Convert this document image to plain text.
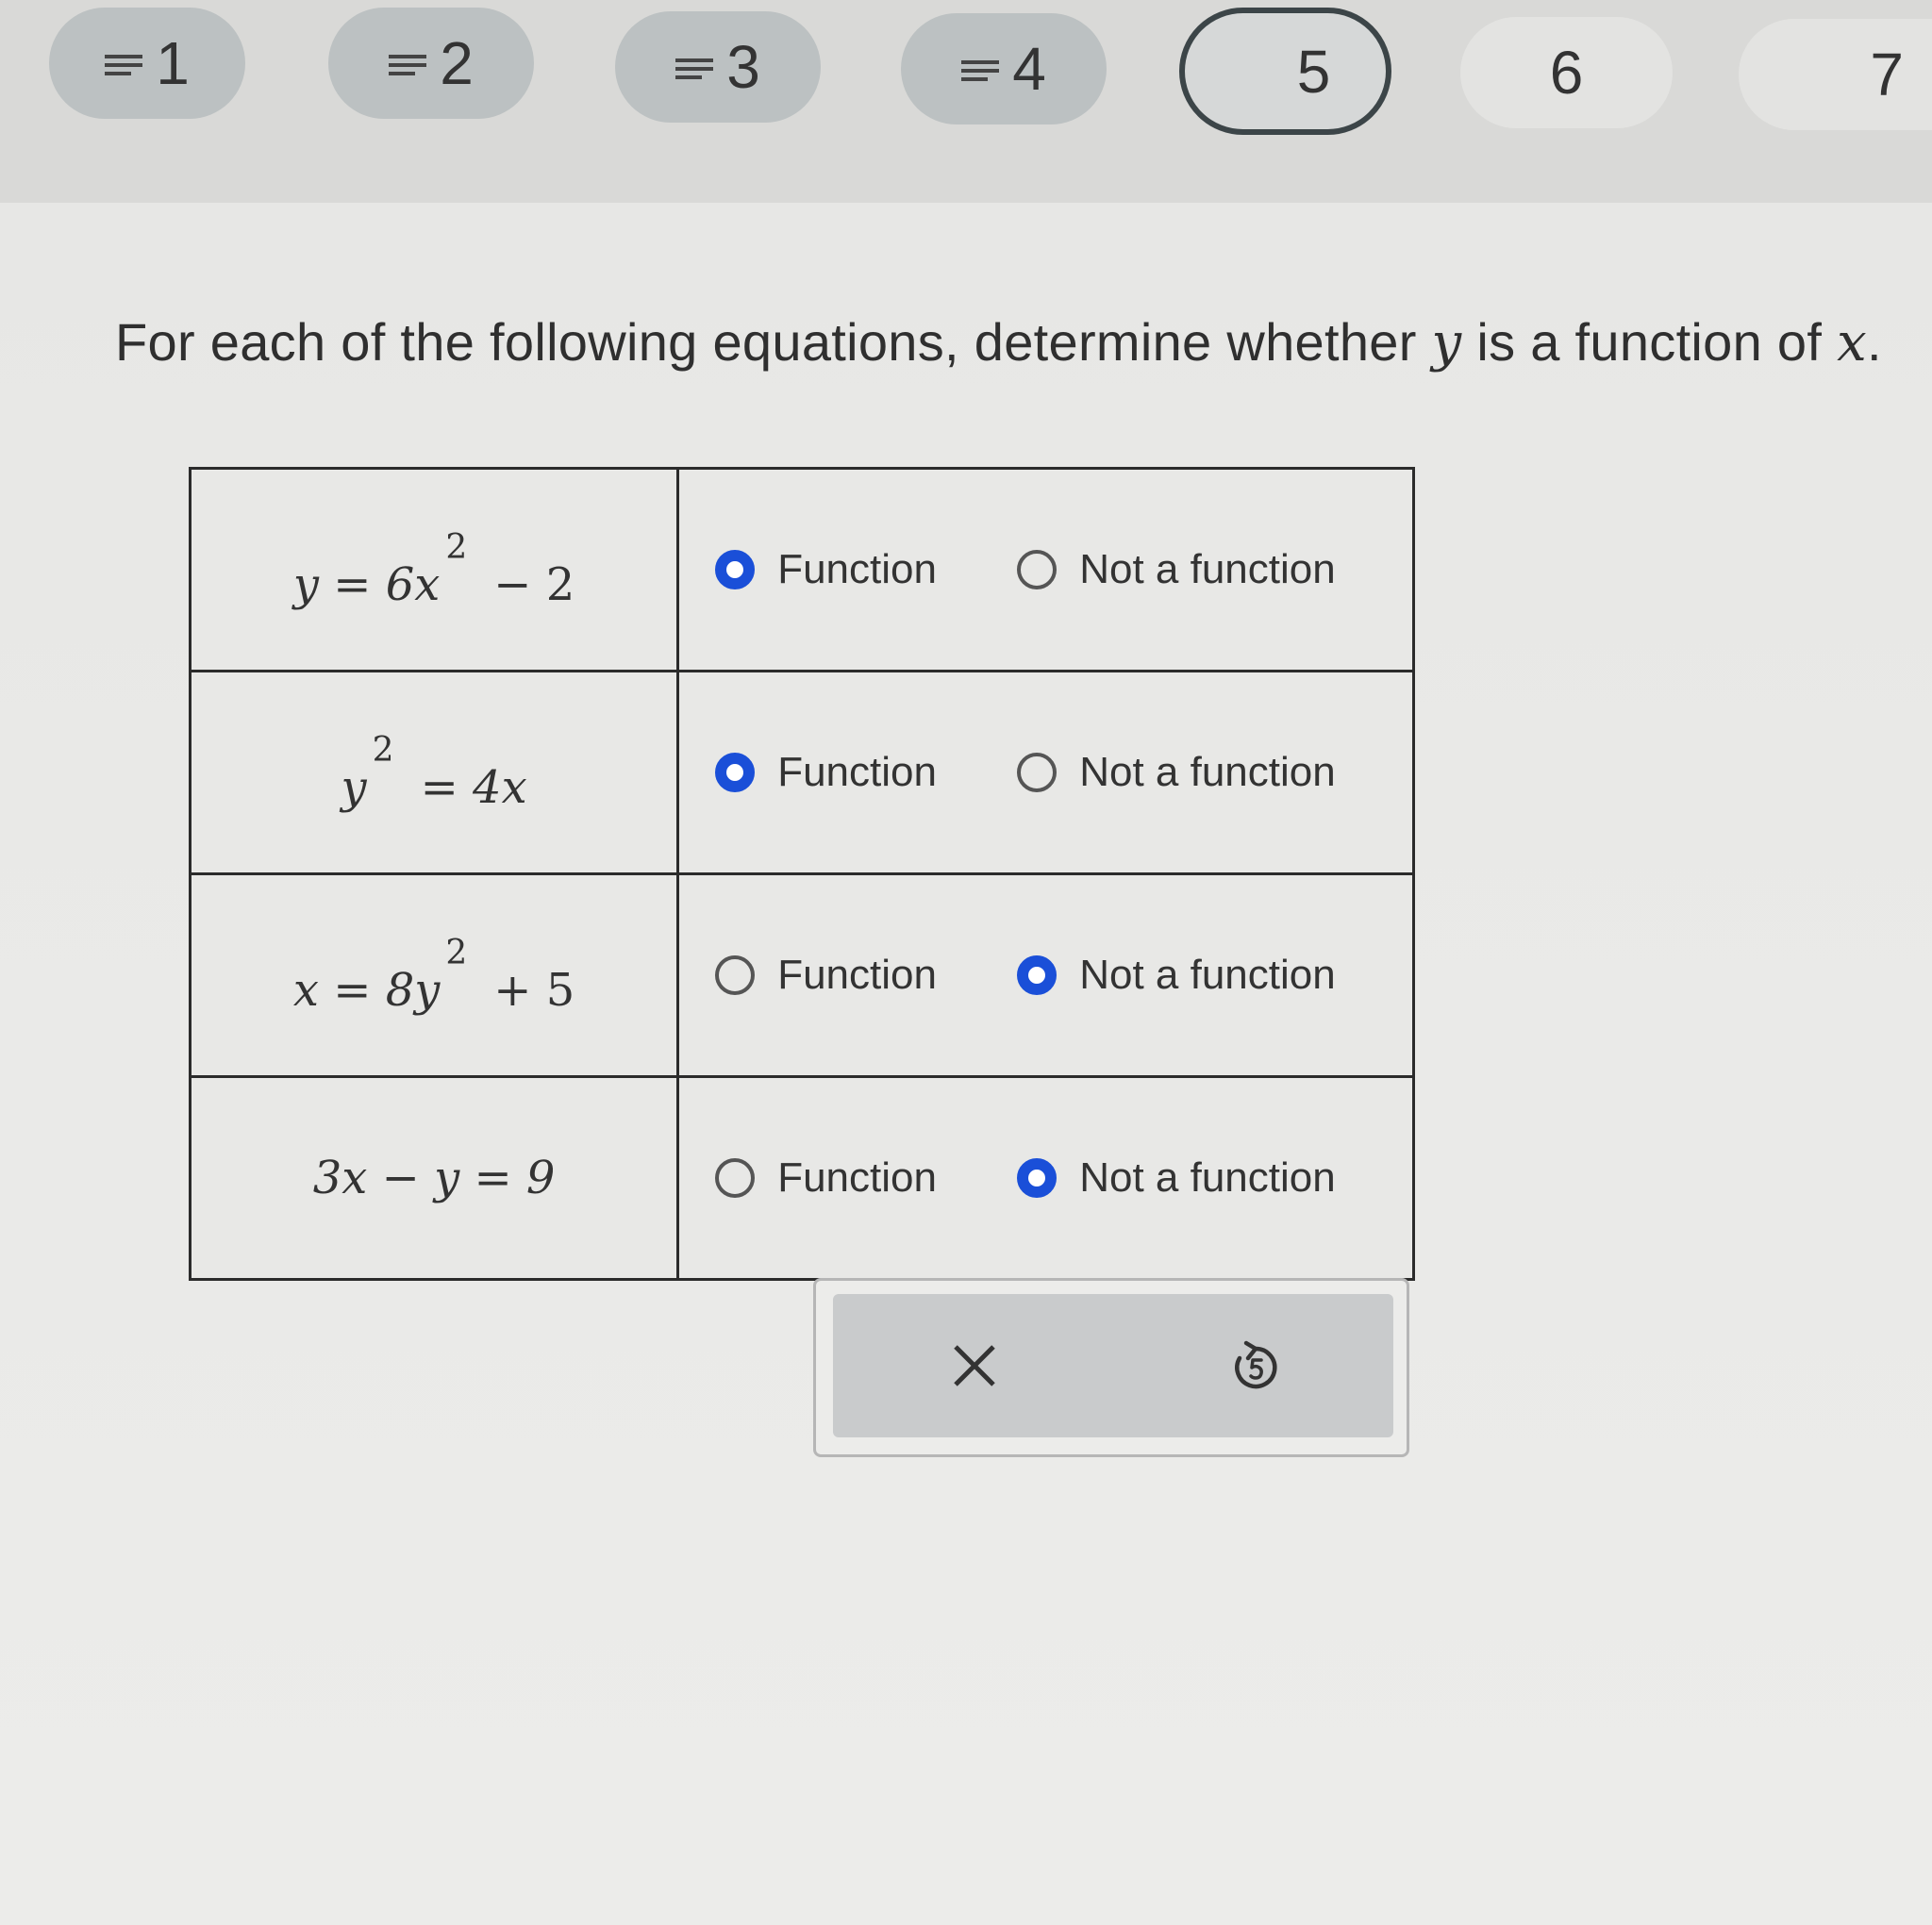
1	2	3	4	5	6	7
For each of the following equations, determine whether y is a function of x.
$y = 6x^2- 2$	Function Not a function

$y^2= 4x$	Function Not a function

$x = 8y^2+ 5$	Function Not a function

3x − y = 9	Function Not a function
